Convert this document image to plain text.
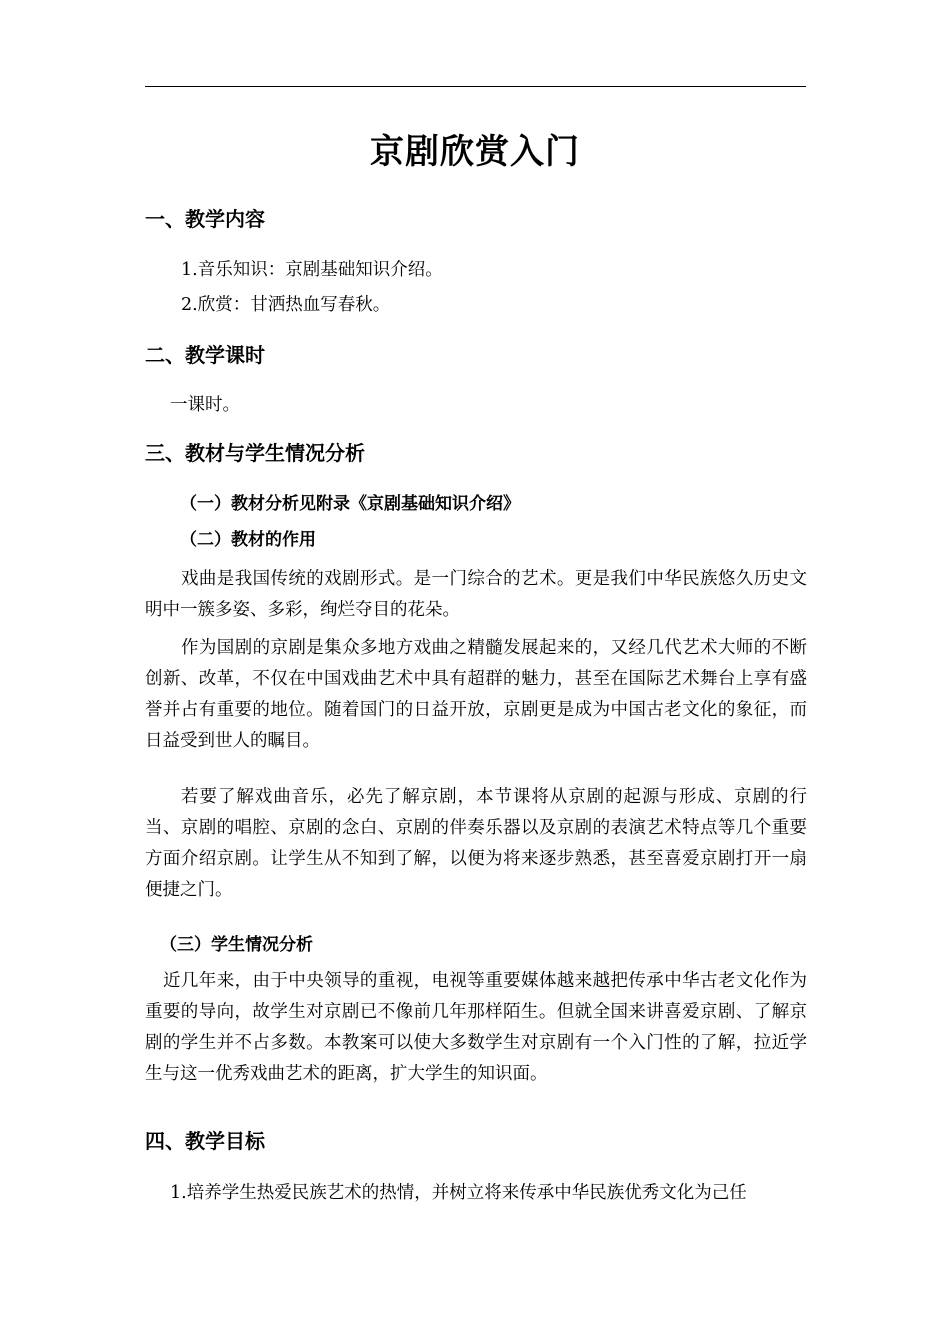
京剧欣赏入门
一、教学内容
1.音乐知识：京剧基础知识介绍。
2.欣赏：甘洒热血写春秋。
二、教学课时
一课时。
三、教材与学生情况分析
（一）教材分析见附录《京剧基础知识介绍》
（二）教材的作用
戏曲是我国传统的戏剧形式。是一门综合的艺术。更是我们中华民族悠久历史文明中一簇多姿、多彩，绚烂夺目的花朵。
作为国剧的京剧是集众多地方戏曲之精髓发展起来的，又经几代艺术大师的不断创新、改革，不仅在中国戏曲艺术中具有超群的魅力，甚至在国际艺术舞台上享有盛誉并占有重要的地位。随着国门的日益开放，京剧更是成为中国古老文化的象征，而日益受到世人的瞩目。
若要了解戏曲音乐，必先了解京剧，本节课将从京剧的起源与形成、京剧的行当、京剧的唱腔、京剧的念白、京剧的伴奏乐器以及京剧的表演艺术特点等几个重要方面介绍京剧。让学生从不知到了解，以便为将来逐步熟悉，甚至喜爱京剧打开一扇便捷之门。
（三）学生情况分析
近几年来，由于中央领导的重视，电视等重要媒体越来越把传承中华古老文化作为重要的导向，故学生对京剧已不像前几年那样陌生。但就全国来讲喜爱京剧、了解京剧的学生并不占多数。本教案可以使大多数学生对京剧有一个入门性的了解，拉近学生与这一优秀戏曲艺术的距离，扩大学生的知识面。
四、教学目标
1.培养学生热爱民族艺术的热情，并树立将来传承中华民族优秀文化为己任
